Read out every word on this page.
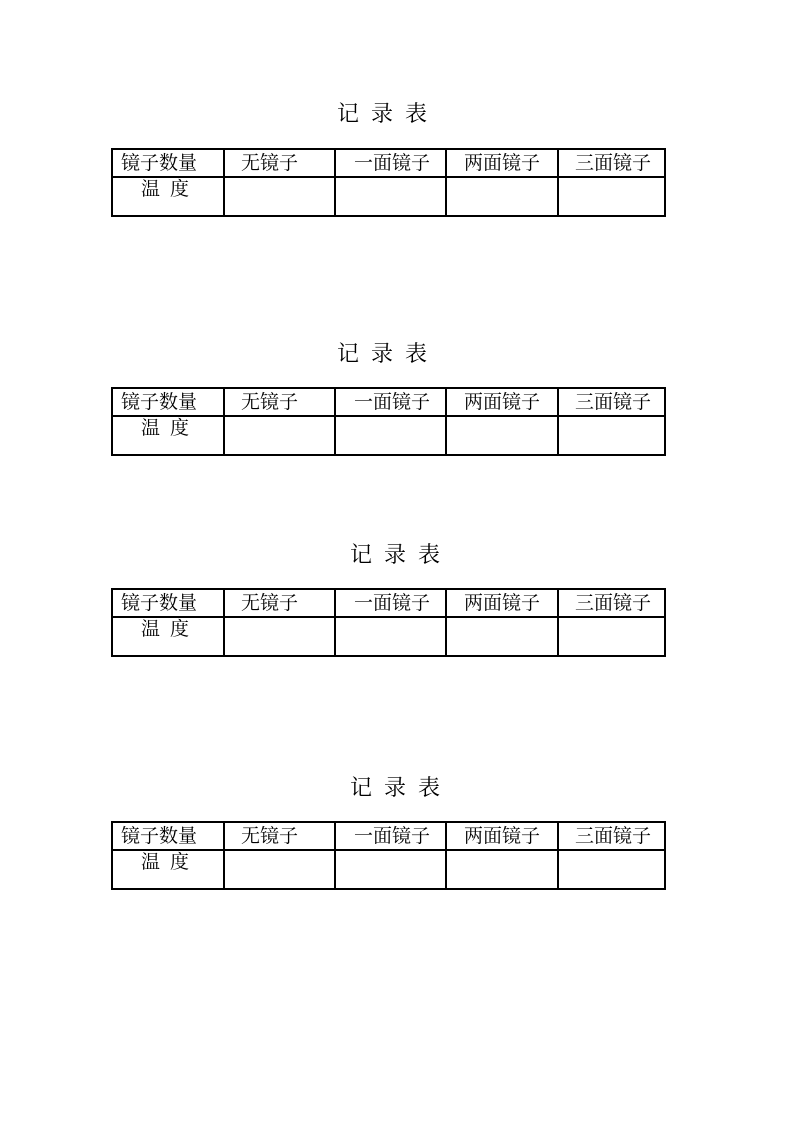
记 录 表
镜子数量	无镜子	一面镜子	两面镜子	三面镜子
温 度				
记 录 表
镜子数量	无镜子	一面镜子	两面镜子	三面镜子
温 度				
记 录 表
镜子数量	无镜子	一面镜子	两面镜子	三面镜子
温 度				
记 录 表
镜子数量	无镜子	一面镜子	两面镜子	三面镜子
温 度				
